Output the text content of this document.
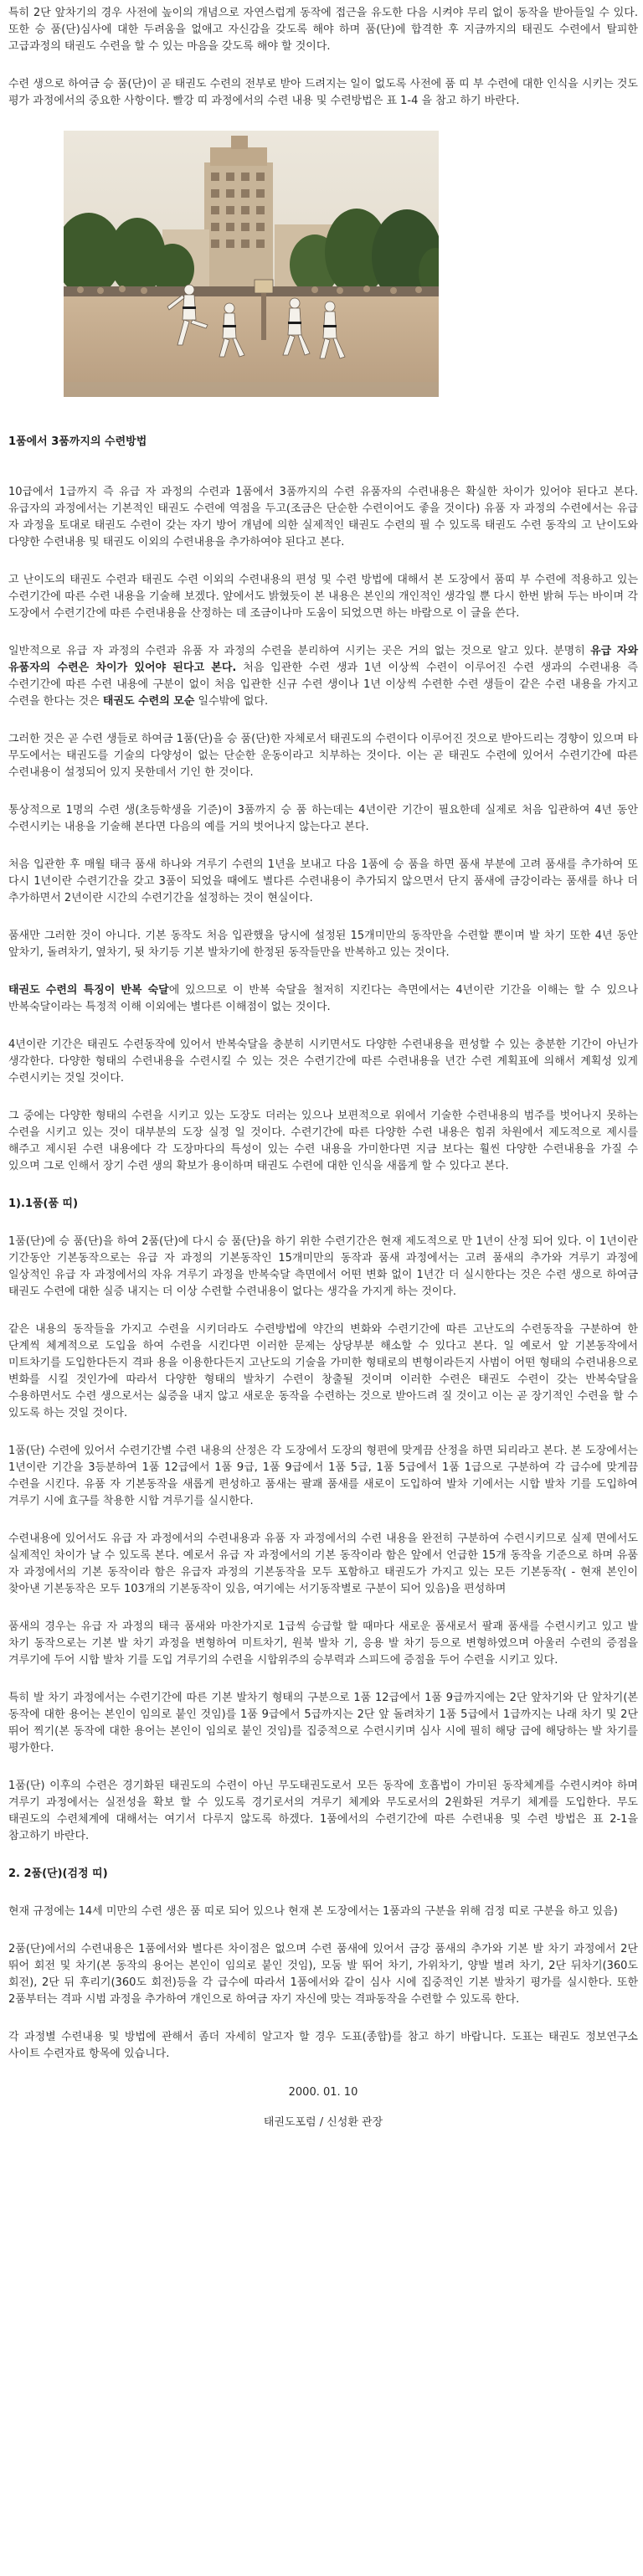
특히 2단 앞차기의 경우 사전에 높이의 개념으로 자연스럽게 동작에 접근을 유도한 다음 시켜야 무리 없이 동작을 받아들일 수 있다. 또한 승 품(단)심사에 대한 두려움을 없애고 자신감을 갖도록 해야 하며 품(단)에 합격한 후 지금까지의 태권도 수련에서 탈피한 고급과정의 태권도 수련을 할 수 있는 마음을 갖도록 해야 할 것이다.

수련 생으로 하여금 승 품(단)이 곧 태권도 수련의 전부로 받아 드려지는 일이 없도록 사전에 품 띠 부 수련에 대한 인식을 시키는 것도 평가 과정에서의 중요한 사항이다. 빨강 띠 과정에서의 수련 내용 및 수련방법은 표 1-4 을 참고 하기 바란다.

1품에서 3품까지의 수련방법

10급에서 1급까지 즉 유급 자 과정의 수련과 1품에서 3품까지의 수련 유품자의 수련내용은 확실한 차이가 있어야 된다고 본다. 유급자의 과정에서는 기본적인 태권도 수련에 역점을 두고(조금은 단순한 수련이어도 좋을 것이다) 유품 자 과정의 수련에서는 유급 자 과정을 토대로 태권도 수련이 갖는 자기 방어 개념에 의한 실제적인 태권도 수련의 필 수 있도록 태권도 수련 동작의 고 난이도와 다양한 수련내용 및 태권도 이외의 수련내용을 추가하여야 된다고 본다.

고 난이도의 태권도 수련과 태권도 수련 이외의 수련내용의 편성 및 수련 방법에 대해서 본 도장에서 품띠 부 수련에 적용하고 있는 수련기간에 따른 수련 내용을 기술해 보겠다. 앞에서도 밝혔듯이 본 내용은 본인의 개인적인 생각일 뿐 다시 한번 밝혀 두는 바이며 각 도장에서 수련기간에 따른 수련내용을 산정하는 데 조금이나마 도움이 되었으면 하는 바람으로 이 글을 쓴다.

일반적으로 유급 자 과정의 수련과 유품 자 과정의 수련을 분리하여 시키는 곳은 거의 없는 것으로 알고 있다. 분명히 유급 자와 유품자의 수련은 차이가 있어야 된다고 본다. 처음 입관한 수련 생과 1년 이상씩 수련이 이루어진 수련 생과의 수련내용 즉 수련기간에 따른 수련 내용에 구분이 없이 처음 입관한 신규 수련 생이나 1년 이상씩 수련한 수련 생들이 같은 수련 내용을 가지고 수련을 한다는 것은 태권도 수련의 모순 일수밖에 없다.

그러한 것은 곧 수련 생들로 하여금 1품(단)을 승 품(단)한 자체로서 태권도의 수련이다 이루어진 것으로 받아드리는 경향이 있으며 타 무도에서는 태권도를 기술의 다양성이 없는 단순한 운동이라고 치부하는 것이다. 이는 곧 태권도 수련에 있어서 수련기간에 따른 수련내용이 설정되어 있지 못한데서 기인 한 것이다.

통상적으로 1명의 수련 생(초등학생을 기준)이 3품까지 승 품 하는데는 4년이란 기간이 필요한데 실제로 처음 입관하여 4년 동안 수련시키는 내용을 기술해 본다면 다음의 예를 거의 벗어나지 않는다고 본다.

처음 입관한 후 매월 태극 품새 하나와 겨루기 수련의 1년을 보내고 다음 1품에 승 품을 하면 품새 부분에 고려 품새를 추가하여 또 다시 1년이란 수련기간을 갖고 3품이 되었을 때에도 별다른 수련내용이 추가되지 않으면서 단지 품새에 금강이라는 품새를 하나 더 추가하면서 2년이란 시간의 수련기간을 설정하는 것이 현실이다.

품새만 그러한 것이 아니다. 기본 동작도 처음 입관했을 당시에 설정된 15개미만의 동작만을 수련할 뿐이며 발 차기 또한 4년 동안 앞차기, 돌려차기, 옆차기, 뒷 차기등 기본 발차기에 한정된 동작들만을 반복하고 있는 것이다.

태권도 수련의 특징이 반복 숙달에 있으므로 이 반복 숙달을 철저히 지킨다는 측면에서는 4년이란 기간을 이해는 할 수 있으나 반복숙달이라는 특정적 이해 이외에는 별다른 이해점이 없는 것이다.

4년이란 기간은 태권도 수련동작에 있어서 반복숙달을 충분히 시키면서도 다양한 수련내용을 편성할 수 있는 충분한 기간이 아닌가 생각한다. 다양한 형태의 수련내용을 수련시킬 수 있는 것은 수련기간에 따른 수련내용을 년간 수련 계획표에 의해서 계획성 있게 수련시키는 것일 것이다.

그 중에는 다양한 형태의 수련을 시키고 있는 도장도 더러는 있으나 보편적으로 위에서 기술한 수련내용의 범주를 벗어나지 못하는 수련을 시키고 있는 것이 대부분의 도장 실정 일 것이다. 수련기간에 따른 다양한 수련 내용은 힘쥐 차원에서 제도적으로 제시를 해주고 제시된 수련 내용에다 각 도장마다의 특성이 있는 수련 내용을 가미한다면 지금 보다는 훨씬 다양한 수련내용을 가질 수 있으며 그로 인해서 장기 수련 생의 확보가 용이하며 태권도 수련에 대한 인식을 새롭게 할 수 있다고 본다.

1).1품(품 띠)

1품(단)에 승 품(단)을 하여 2품(단)에 다시 승 품(단)을 하기 위한 수련기간은 현재 제도적으로 만 1년이 산정 되어 있다. 이 1년이란 기간동안 기본동작으로는 유급 자 과정의 기본동작인 15개미만의 동작과 품새 과정에서는 고려 품새의 추가와 겨루기 과정에 일상적인 유급 자 과정에서의 자유 겨루기 과정을 반복숙달 측면에서 어떤 변화 없이 1년간 더 실시한다는 것은 수련 생으로 하여금 태권도 수련에 대한 실증 내지는 더 이상 수련할 수련내용이 없다는 생각을 가지게 하는 것이다.

같은 내용의 동작들을 가지고 수련을 시키더라도 수련방법에 약간의 변화와 수련기간에 따른 고난도의 수련동작을 구분하여 한 단계씩 체계적으로 도입을 하여 수련을 시킨다면 이러한 문제는 상당부분 해소할 수 있다고 본다. 일 예로서 앞 기본동작에서 미트차기를 도입한다든지 격파 용을 이용한다든지 고난도의 기술을 가미한 형태로의 변형이라든지 사범이 어떤 형태의 수련내용으로 변화를 시킬 것인가에 따라서 다양한 형태의 발차기 수련이 창출될 것이며 이러한 수련은 태권도 수련이 갖는 반복숙달을 수용하면서도 수련 생으로서는 싫증을 내지 않고 새로운 동작을 수련하는 것으로 받아드려 질 것이고 이는 곧 장기적인 수련을 할 수 있도록 하는 것일 것이다.

1품(단) 수련에 있어서 수련기간별 수련 내용의 산정은 각 도장에서 도장의 형편에 맞게끔 산정을 하면 되리라고 본다. 본 도장에서는 1년이란 기간을 3등분하여 1품 12급에서 1품 9급, 1품 9급에서 1품 5급, 1품 5급에서 1품 1급으로 구분하여 각 급수에 맞게끔 수련을 시킨다. 유품 자 기본동작을 새롭게 편성하고 품새는 팔괘 품새를 새로이 도입하여 발차 기에서는 시합 발차 기를 도입하여 겨루기 시에 효구를 착용한 시합 겨루기를 실시한다.

수련내용에 있어서도 유급 자 과정에서의 수련내용과 유품 자 과정에서의 수련 내용을 완전히 구분하여 수련시키므로 실제 면에서도 실제적인 차이가 날 수 있도록 본다. 예로서 유급 자 과정에서의 기본 동작이라 함은 앞에서 언급한 15개 동작을 기준으로 하며 유품 자 과정에서의 기본 동작이라 함은 유급자 과정의 기본동작을 모두 포함하고 태권도가 가지고 있는 모든 기본동작( - 현재 본인이 찾아낸 기본동작은 모두 103개의 기본동작이 있음, 여기에는 서기동작별로 구분이 되어 있음)을 편성하며

품새의 경우는 유급 자 과정의 태극 품새와 마찬가지로 1급씩 승급할 할 때마다 새로운 품새로서 팔괘 품새를 수련시키고 있고 발 차기 동작으로는 기본 발 차기 과정을 변형하여 미트차기, 원북 발차 기, 응용 발 차기 등으로 변형하였으며 아울러 수련의 증점을 겨루기에 두어 시합 발차 기를 도입 겨루기의 수련을 시합위주의 승부력과 스피드에 증점을 두어 수련을 시키고 있다.

특히 발 차기 과정에서는 수련기간에 따른 기본 발차기 형태의 구분으로 1품 12급에서 1품 9급까지에는 2단 앞차기와 단 앞차기(본 동작에 대한 용어는 본인이 임의로 붙인 것임)를 1품 9급에서 5급까지는 2단 앞 돌려차기 1품 5급에서 1급까지는 나래 차기 및 2단 뛰어 찍기(본 동작에 대한 용어는 본인이 임의로 붙인 것임)를 집중적으로 수련시키며 심사 시에 필히 해당 급에 해당하는 발 차기를 평가한다.

1품(단) 이후의 수련은 경기화된 태권도의 수련이 아닌 무도태권도로서 모든 동작에 호흡법이 가미된 동작체계를 수련시켜야 하며 겨루기 과정에서는 실전성을 확보 할 수 있도록 경기로서의 겨루기 체계와 무도로서의 2원화된 겨루기 체계를 도입한다. 무도 태권도의 수련체계에 대해서는 여기서 다루지 않도록 하겠다. 1품에서의 수련기간에 따른 수련내용 및 수련 방법은 표 2-1을 참고하기 바란다.

2. 2품(단)(검정 띠)

현재 규정에는 14세 미만의 수련 생은 품 띠로 되어 있으나 현재 본 도장에서는 1품과의 구분을 위해 검정 띠로 구분을 하고 있음)

2품(단)에서의 수련내용은 1품에서와 별다른 차이점은 없으며 수련 품새에 있어서 금강 품새의 추가와 기본 발 차기 과정에서 2단 뛰어 회전 및 차기(본 동작의 용어는 본인이 임의로 붙인 것임), 모둠 발 뛰어 차기, 가위차기, 양발 벌려 차기, 2단 뒤차기(360도 회전), 2단 뒤 후리기(360도 회전)등을 각 급수에 따라서 1품에서와 같이 심사 시에 집중적인 기본 발차기 평가를 실시한다. 또한 2품부터는 격파 시범 과정을 추가하여 개인으로 하여금 자기 자신에 맞는 격파동작을 수련할 수 있도록 한다.

각 과정별 수련내용 및 방법에 관해서 좀더 자세히 알고자 할 경우 도표(종합)를 참고 하기 바랍니다. 도표는 태권도 정보연구소 사이트 수련자료 항목에 있습니다.

2000. 01. 10
태권도포럼 / 신성환 관장
